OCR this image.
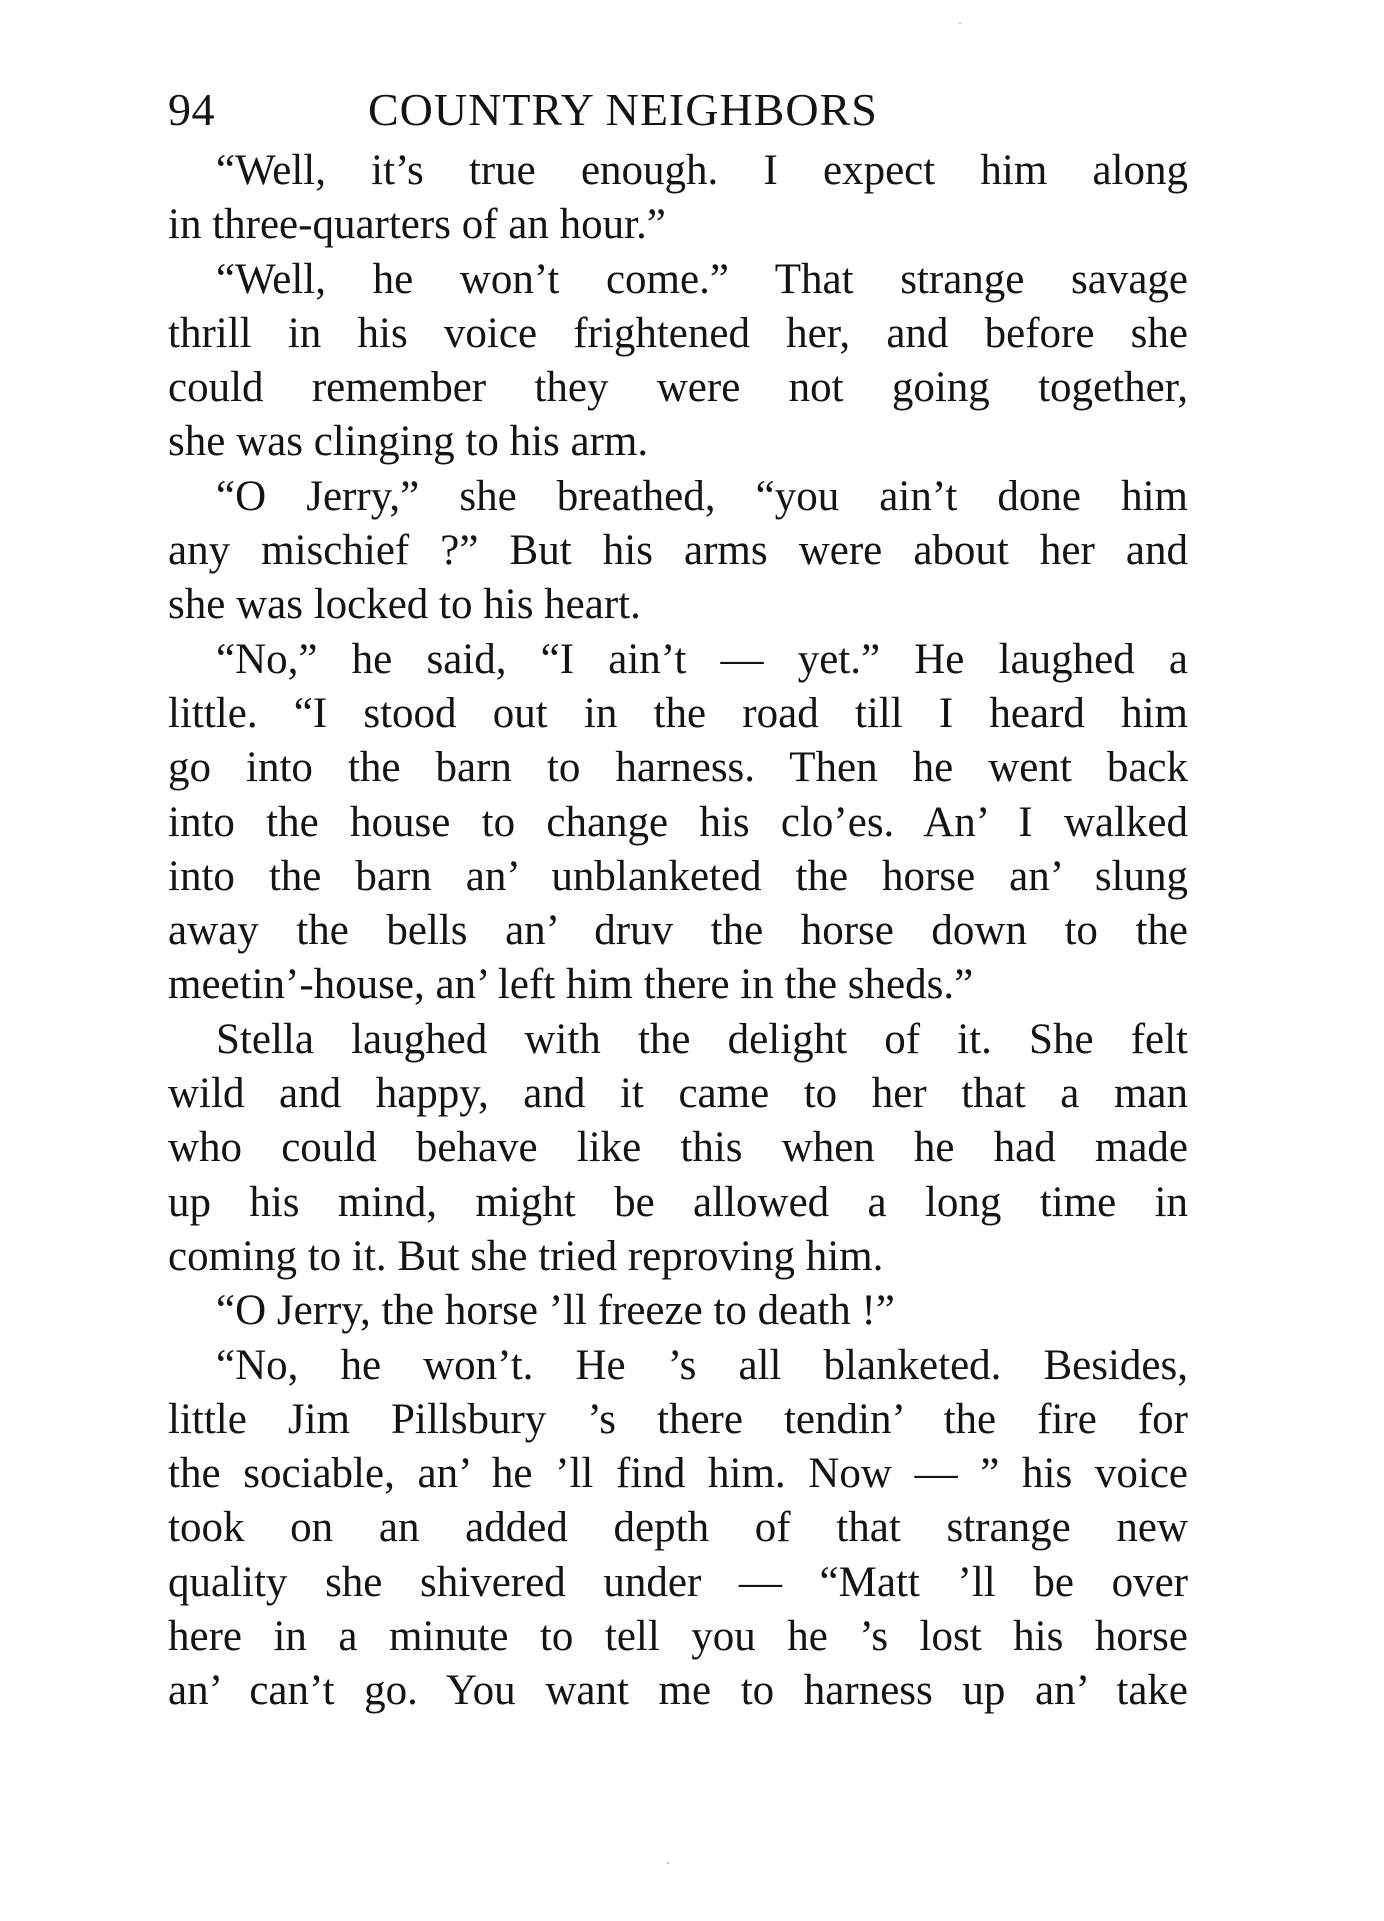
94	COUNTRY NEIGHBORS
“Well, it’s true enough. I expect him along
in three-quarters of an hour.”
“Well, he won’t come.” That strange savage
thrill in his voice frightened her, and before she
could remember they were not going together,
she was clinging to his arm.
“O Jerry,” she breathed, “you ain’t done him
any mischief ?” But his arms were about her and
she was locked to his heart.
“No,” he said, “I ain’t — yet.” He laughed a
little. “I stood out in the road till I heard him
go into the barn to harness. Then he went back
into the house to change his clo’es. An’ I walked
into the barn an’ unblanketed the horse an’ slung
away the bells an’ druv the horse down to the
meetin’-house, an’ left him there in the sheds.”
Stella laughed with the delight of it. She felt
wild and happy, and it came to her that a man
who could behave like this when he had made
up his mind, might be allowed a long time in
coming to it. But she tried reproving him.
“O Jerry, the horse ’ll freeze to death !”
“No, he won’t. He ’s all blanketed. Besides,
little Jim Pillsbury ’s there tendin’ the fire for
the sociable, an’ he ’ll find him. Now — ” his voice
took on an added depth of that strange new
quality she shivered under — “Matt ’ll be over
here in a minute to tell you he ’s lost his horse
an’ can’t go. You want me to harness up an’ take
